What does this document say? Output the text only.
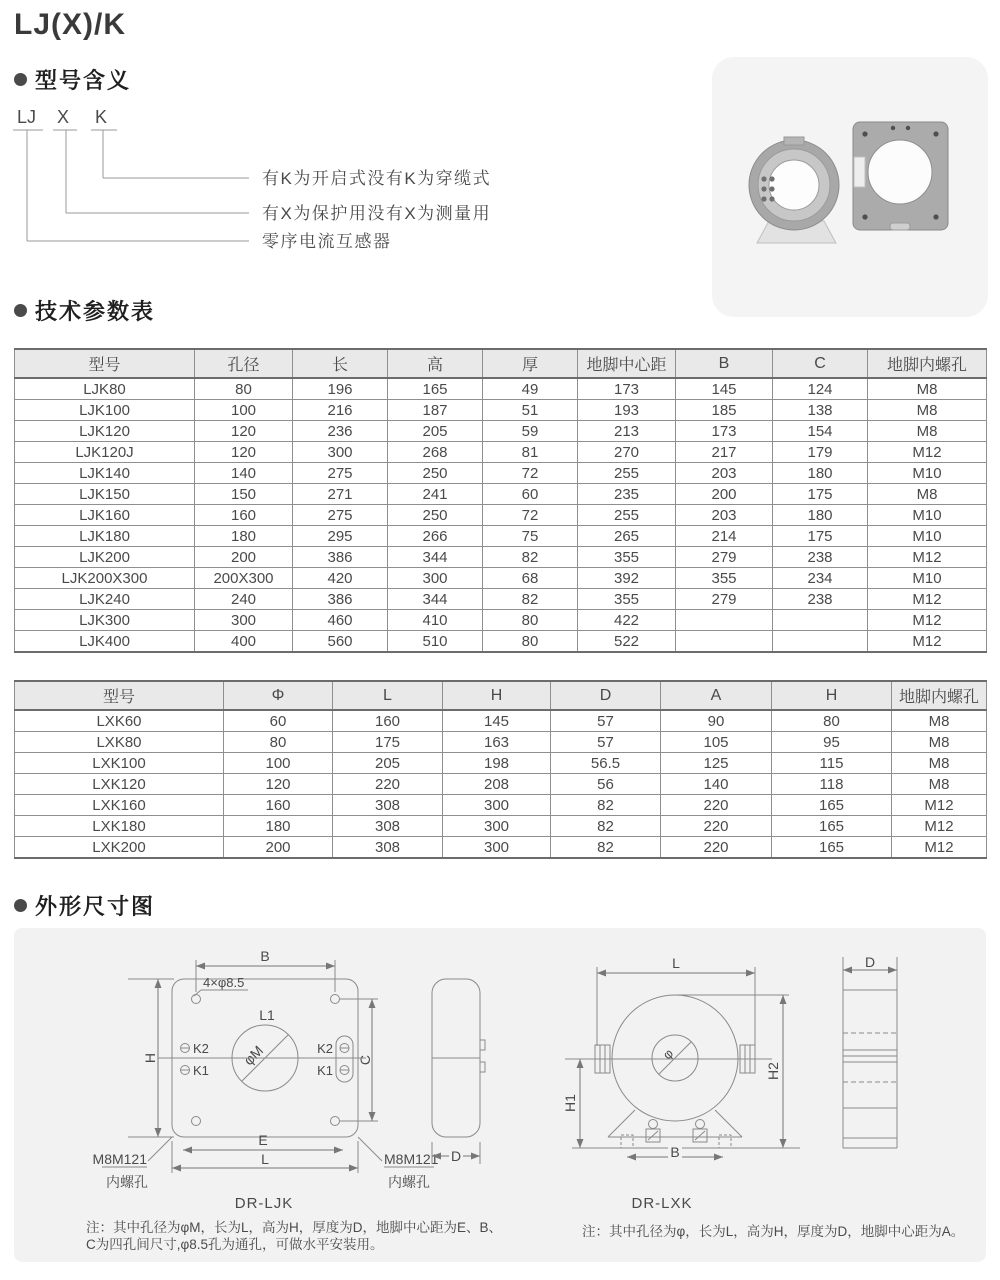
LJ(X)/K
型号含义
LJ X K
有K为开启式没有K为穿缆式
有X为保护用没有X为测量用
零序电流互感器
技术参数表
型号	孔径	长	高	厚	地脚中心距	B	C	地脚内螺孔
LJK80	80	196	165	49	173	145	124	M8
LJK100	100	216	187	51	193	185	138	M8
LJK120	120	236	205	59	213	173	154	M8
LJK120J	120	300	268	81	270	217	179	M12
LJK140	140	275	250	72	255	203	180	M10
LJK150	150	271	241	60	235	200	175	M8
LJK160	160	275	250	72	255	203	180	M10
LJK180	180	295	266	75	265	214	175	M10
LJK200	200	386	344	82	355	279	238	M12
LJK200X300	200X300	420	300	68	392	355	234	M10
LJK240	240	386	344	82	355	279	238	M12
LJK300	300	460	410	80	422			M12
LJK400	400	560	510	80	522			M12
型号	Φ	L	H	D	A	H	地脚内螺孔
LXK60	60	160	145	57	90	80	M8
LXK80	80	175	163	57	105	95	M8
LXK100	100	205	198	56.5	125	115	M8
LXK120	120	220	208	56	140	118	M8
LXK160	160	308	300	82	220	165	M12
LXK180	180	308	300	82	220	165	M12
LXK200	200	308	300	82	220	165	M12
外形尺寸图
φM
L1
4×φ8.5
B
H	C
K2
K1
K2
K1
E
L
M8M121
内螺孔
M8M121
内螺孔
D
DR-LJK
注：其中孔径为φM，长为L，高为H，厚度为D，地脚中心距为E、B、
C为四孔间尺寸,φ8.5孔为通孔，可做水平安装用。
φ
L
H2
H1
B
D
DR-LXK
注：其中孔径为φ，长为L，高为H，厚度为D，地脚中心距为A。
